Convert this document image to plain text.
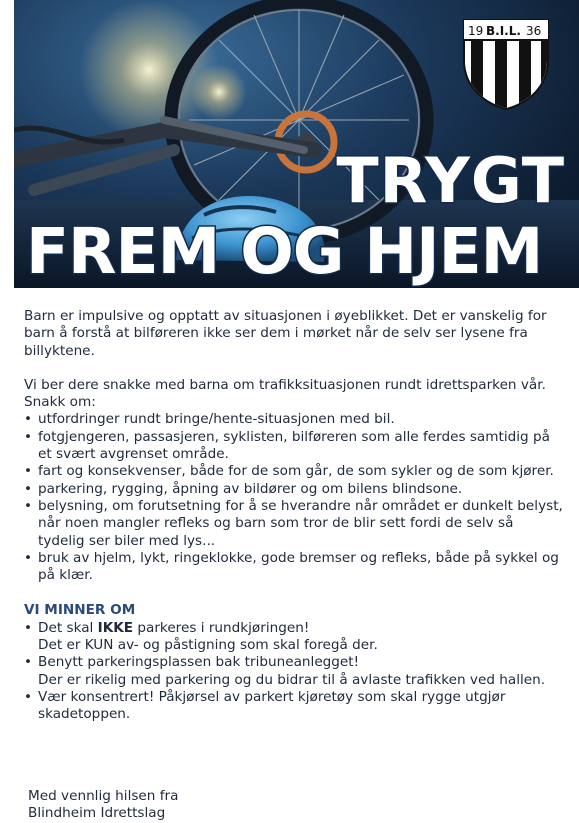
19 B.I.L. 36
TRYGT
FREM OG HJEM

Barn er impulsive og opptatt av situasjonen i øyeblikket. Det er vanskelig for barn å forstå at bilføreren ikke ser dem i mørket når de selv ser lysene fra billyktene.

Vi ber dere snakke med barna om trafikksituasjonen rundt idrettsparken vår.

Snakk om:

• utfordringer rundt bringe/hente-situasjonen med bil.
• fotgjengeren, passasjeren, syklisten, bilføreren som alle ferdes samtidig på et svært avgrenset område.
• fart og konsekvenser, både for de som går, de som sykler og de som kjører.
• parkering, rygging, åpning av bildører og om bilens blindsone.
• belysning, om forutsetning for å se hverandre når området er dunkelt belyst, når noen mangler refleks og barn som tror de blir sett fordi de selv så tydelig ser biler med lys...
• bruk av hjelm, lykt, ringeklokke, gode bremser og refleks, både på sykkel og på klær.
VI MINNER OM
• Det skal IKKE parkeres i rundkjøringen!
Det er KUN av- og påstigning som skal foregå der.
• Benytt parkeringsplassen bak tribuneanlegget!
Der er rikelig med parkering og du bidrar til å avlaste trafikken ved hallen.
• Vær konsentrert! Påkjørsel av parkert kjøretøy som skal rygge utgjør skadetoppen.
Med vennlig hilsen fra
Blindheim Idrettslag
